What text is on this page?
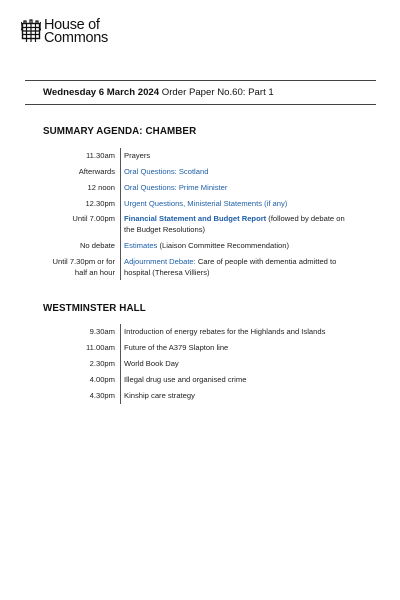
House of
Commons
Wednesday 6 March 2024 Order Paper No.60: Part 1
SUMMARY AGENDA: CHAMBER
11.30am Prayers
Afterwards Oral Questions: Scotland
12 noon Oral Questions: Prime Minister
12.30pm Urgent Questions, Ministerial Statements (if any)
Until 7.00pm Financial Statement and Budget Report (followed by debate on the Budget Resolutions)
No debate Estimates (Liaison Committee Recommendation)
Until 7.30pm or for
half an hour
Adjournment Debate: Care of people with dementia admitted to hospital (Theresa Villiers)
WESTMINSTER HALL
9.30am Introduction of energy rebates for the Highlands and Islands
11.00am Future of the A379 Slapton line
2.30pm World Book Day
4.00pm Illegal drug use and organised crime
4.30pm Kinship care strategy
